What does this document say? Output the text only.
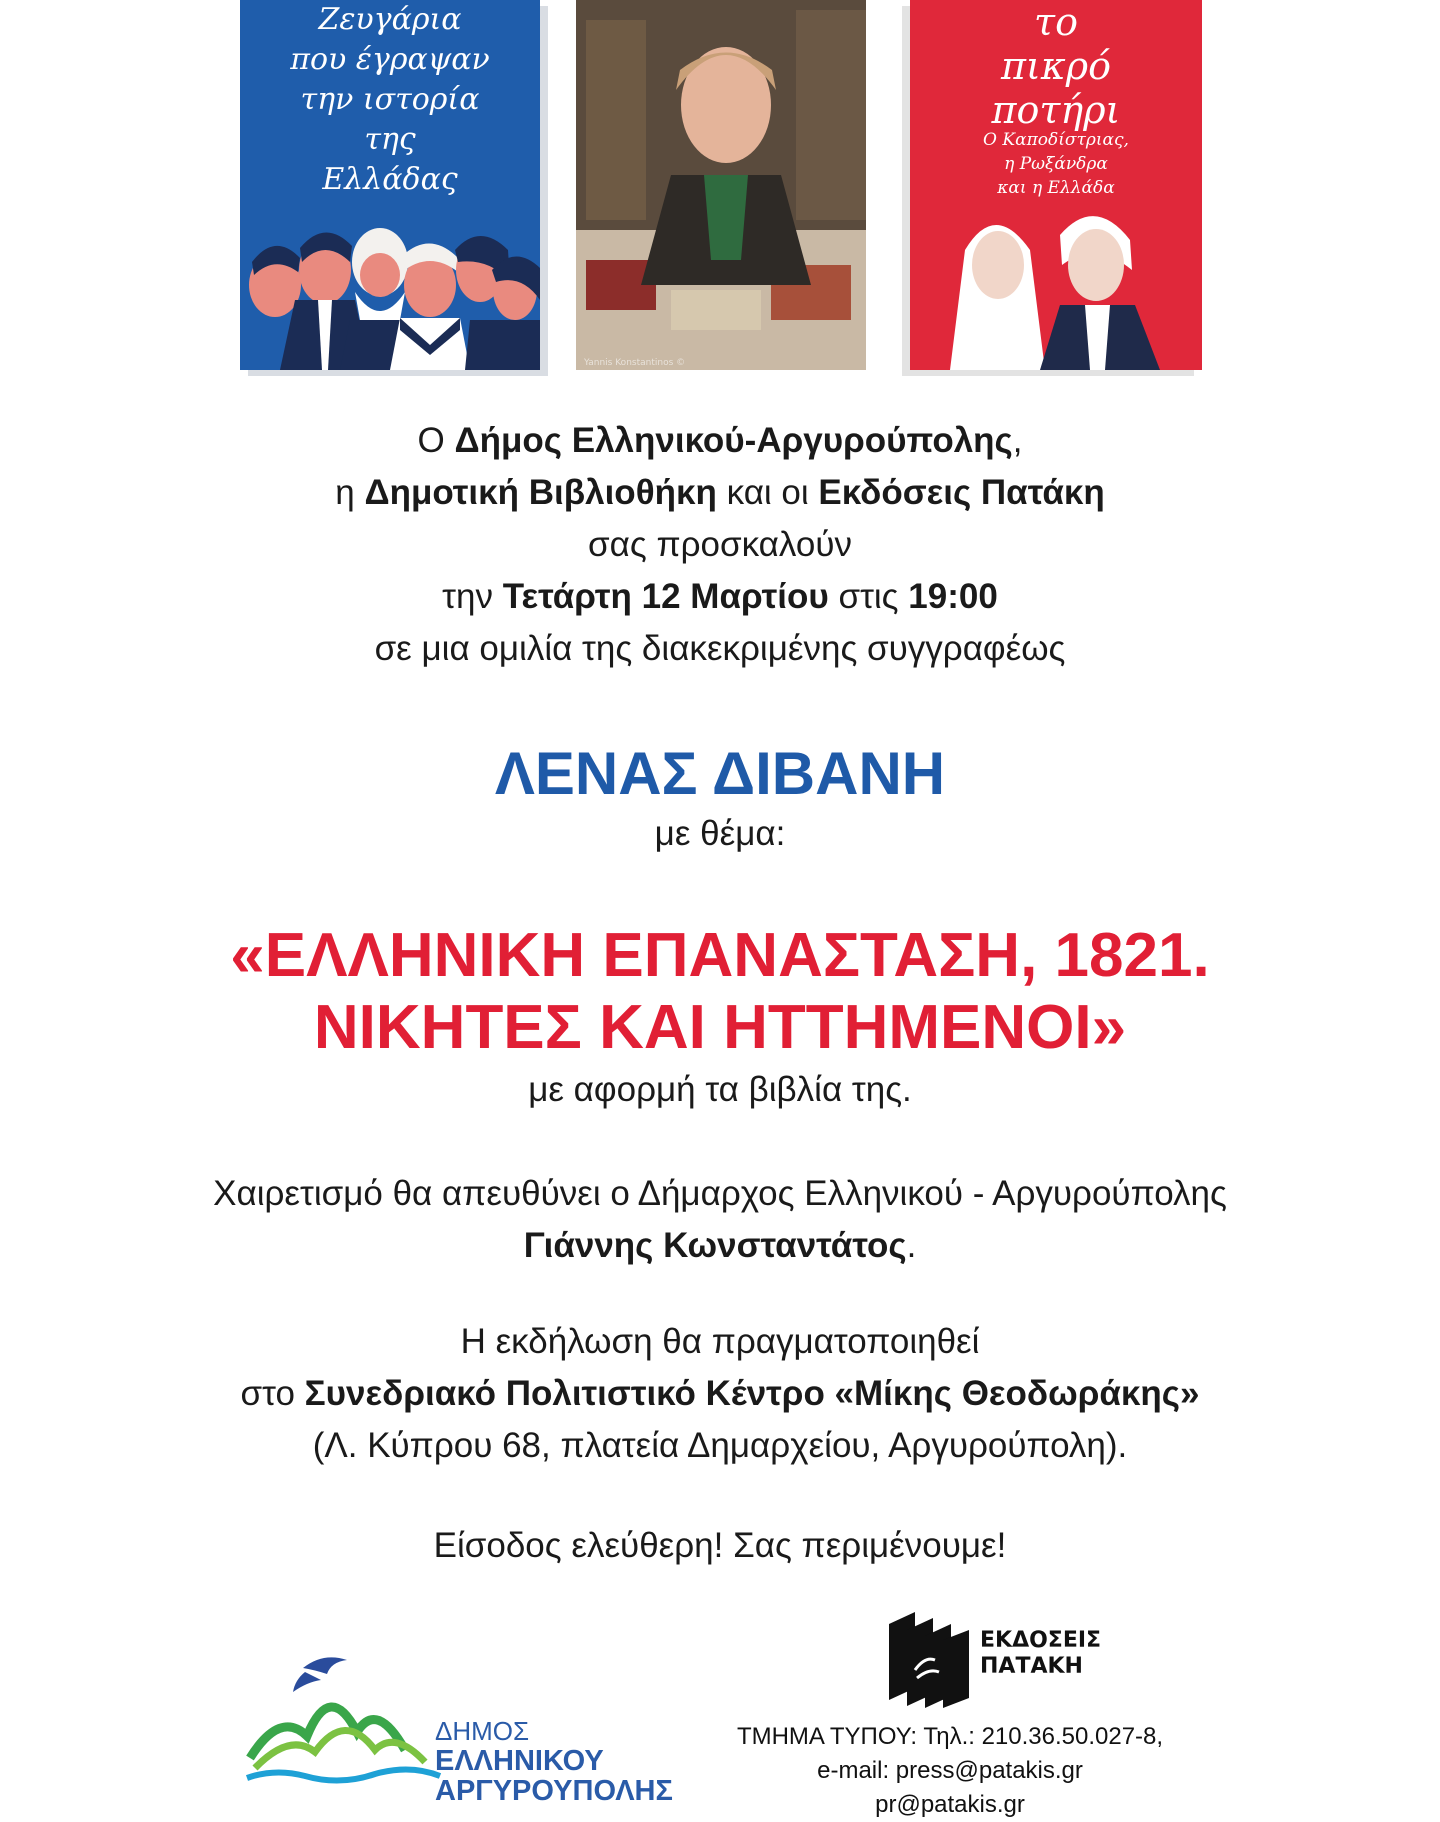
Ζευγάρια
που έγραψαν
την ιστορία
της
Ελλάδας
Yannis Konstantinos ©
το
πικρό
ποτήρι
Ο Καποδίστριας,
η Ρωξάνδρα
και η Ελλάδα
Ο Δήμος Ελληνικού-Αργυρούπολης,
η Δημοτική Βιβλιοθήκη και οι Εκδόσεις Πατάκη
σας προσκαλούν
την Τετάρτη 12 Μαρτίου στις 19:00
σε μια ομιλία της διακεκριμένης συγγραφέως
ΛΕΝΑΣ ΔΙΒΑΝΗ
με θέμα:
«ΕΛΛΗΝΙΚΗ ΕΠΑΝΑΣΤΑΣΗ, 1821.
ΝΙΚΗΤΕΣ ΚΑΙ ΗΤΤΗΜΕΝΟΙ»
με αφορμή τα βιβλία της.
Χαιρετισμό θα απευθύνει ο Δήμαρχος Ελληνικού - Αργυρούπολης
Γιάννης Κωνσταντάτος.
Η εκδήλωση θα πραγματοποιηθεί
στο Συνεδριακό Πολιτιστικό Κέντρο «Μίκης Θεοδωράκης»
(Λ. Κύπρου 68, πλατεία Δημαρχείου, Αργυρούπολη).
Είσοδος ελεύθερη! Σας περιμένουμε!
ΔΗΜΟΣ
ΕΛΛΗΝΙΚΟΥ
ΑΡΓΥΡΟΥΠΟΛΗΣ
ΕΚΔΟΣΕΙΣ
ΠΑΤΑΚΗ
ΤΜΗΜΑ ΤΥΠΟΥ: Τηλ.: 210.36.50.027-8,
e-mail: press@patakis.gr
pr@patakis.gr
